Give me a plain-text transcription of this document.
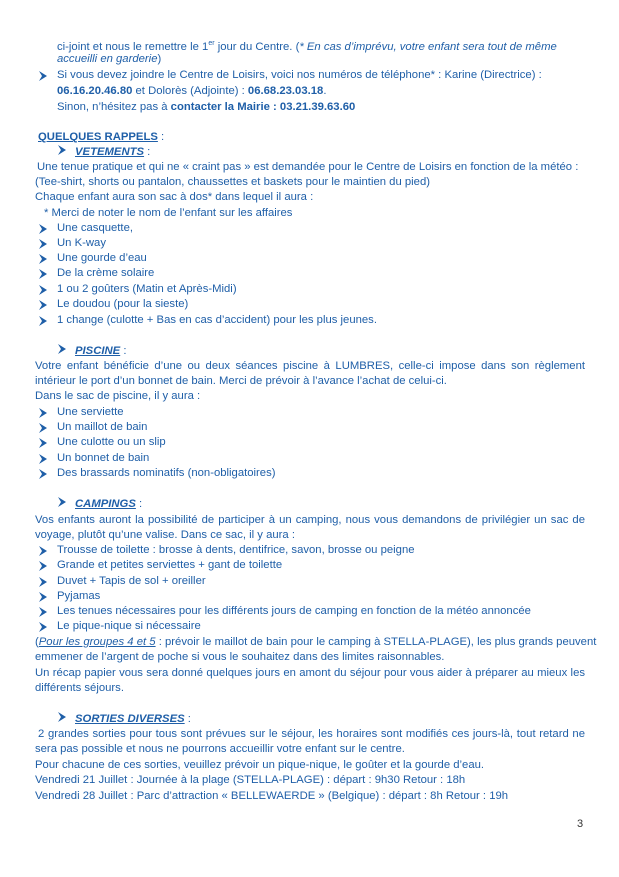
ci-joint et nous le remettre le 1er jour du Centre. (* En cas d’imprévu, votre enfant sera tout de même
accueilli en garderie)
Si vous devez joindre le Centre de Loisirs, voici nos numéros de téléphone* : Karine (Directrice) :
06.16.20.46.80 et Dolorès (Adjointe) : 06.68.23.03.18.
Sinon, n’hésitez pas à contacter la Mairie : 03.21.39.63.60
QUELQUES RAPPELS :
VETEMENTS :
Une tenue pratique et qui ne « craint pas » est demandée pour le Centre de Loisirs en fonction de la météo :
(Tee-shirt, shorts ou pantalon, chaussettes et baskets pour le maintien du pied)
Chaque enfant aura son sac à dos* dans lequel il aura :
* Merci de noter le nom de l’enfant sur les affaires
Une casquette,
Un K-way
Une gourde d’eau
De la crème solaire
1 ou 2 goûters (Matin et Après-Midi)
Le doudou (pour la sieste)
1 change (culotte + Bas en cas d’accident) pour les plus jeunes.
PISCINE :
Votre enfant bénéficie d’une ou deux séances piscine à LUMBRES, celle-ci impose dans son règlement
intérieur le port d’un bonnet de bain. Merci de prévoir à l’avance l’achat de celui-ci.
Dans le sac de piscine, il y aura :
Une serviette
Un maillot de bain
Une culotte ou un slip
Un bonnet de bain
Des brassards nominatifs (non-obligatoires)
CAMPINGS :
Vos enfants auront la possibilité de participer à un camping, nous vous demandons de privilégier un sac de
voyage, plutôt qu’une valise. Dans ce sac, il y aura :
Trousse de toilette : brosse à dents, dentifrice, savon, brosse ou peigne
Grande et petites serviettes + gant de toilette
Duvet + Tapis de sol + oreiller
Pyjamas
Les tenues nécessaires pour les différents jours de camping en fonction de la météo annoncée
Le pique-nique si nécessaire
(Pour les groupes 4 et 5 : prévoir le maillot de bain pour le camping à STELLA-PLAGE), les plus grands peuvent
emmener de l’argent de poche si vous le souhaitez dans des limites raisonnables.
Un récap papier vous sera donné quelques jours en amont du séjour pour vous aider à préparer au mieux les
différents séjours.
SORTIES DIVERSES :
2 grandes sorties pour tous sont prévues sur le séjour, les horaires sont modifiés ces jours-là, tout retard ne
sera pas possible et nous ne pourrons accueillir votre enfant sur le centre.
Pour chacune de ces sorties, veuillez prévoir un pique-nique, le goûter et la gourde d’eau.
Vendredi 21 Juillet : Journée à la plage (STELLA-PLAGE) : départ : 9h30 Retour : 18h
Vendredi 28 Juillet : Parc d’attraction « BELLEWAERDE » (Belgique) : départ : 8h Retour : 19h
3
